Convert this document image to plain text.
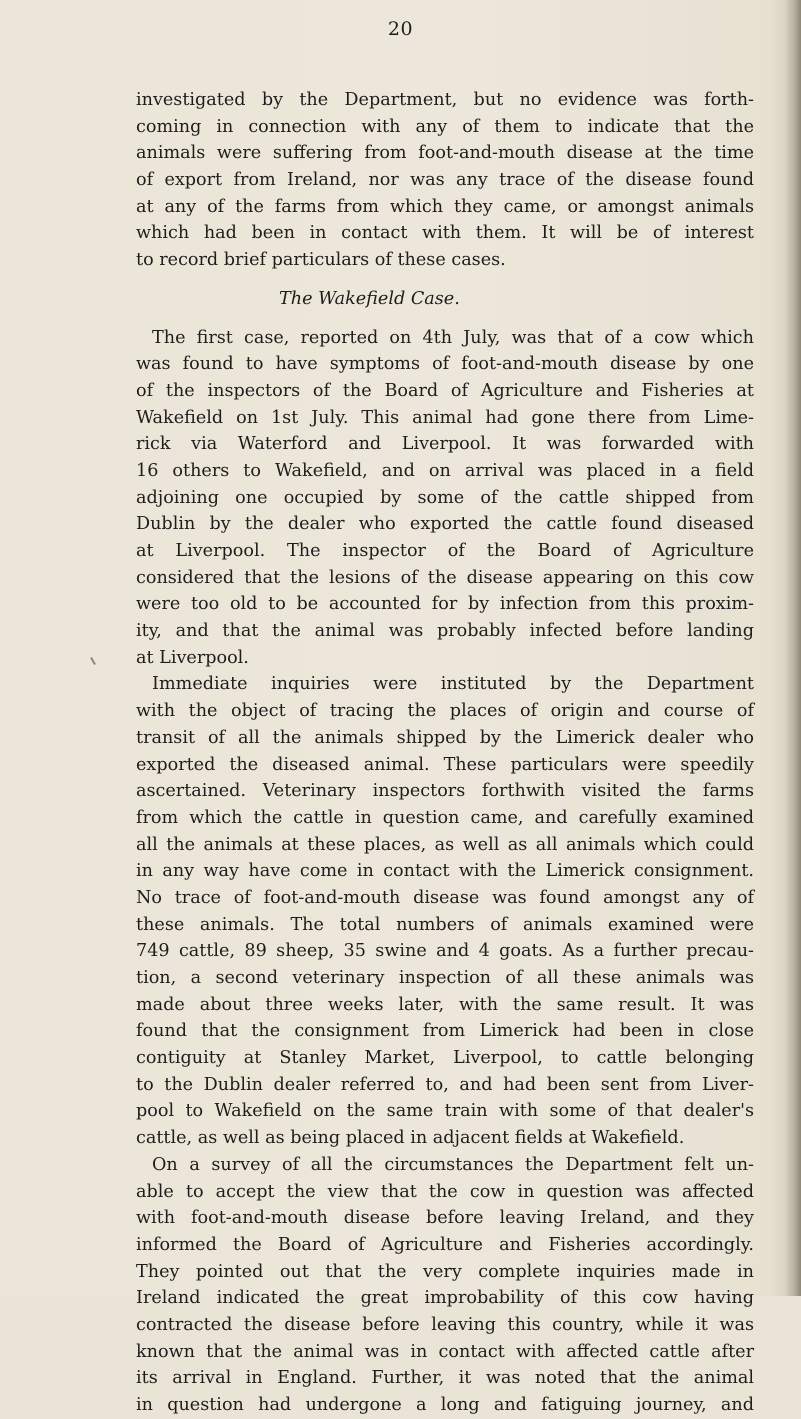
20
investigated by the Department, but no evidence was forth-
coming in connection with any of them to indicate that the
animals were suffering from foot-and-mouth disease at the time
of export from Ireland, nor was any trace of the disease found
at any of the farms from which they came, or amongst animals
which had been in contact with them. It will be of interest
to record brief particulars of these cases.
The Wakefield Case.
The first case, reported on 4th July, was that of a cow which
was found to have symptoms of foot-and-mouth disease by one
of the inspectors of the Board of Agriculture and Fisheries at
Wakefield on 1st July. This animal had gone there from Lime-
rick via Waterford and Liverpool. It was forwarded with
16 others to Wakefield, and on arrival was placed in a field
adjoining one occupied by some of the cattle shipped from
Dublin by the dealer who exported the cattle found diseased
at Liverpool. The inspector of the Board of Agriculture
considered that the lesions of the disease appearing on this cow
were too old to be accounted for by infection from this proxim-
ity, and that the animal was probably infected before landing
at Liverpool.
Immediate inquiries were instituted by the Department
with the object of tracing the places of origin and course of
transit of all the animals shipped by the Limerick dealer who
exported the diseased animal. These particulars were speedily
ascertained. Veterinary inspectors forthwith visited the farms
from which the cattle in question came, and carefully examined
all the animals at these places, as well as all animals which could
in any way have come in contact with the Limerick consignment.
No trace of foot-and-mouth disease was found amongst any of
these animals. The total numbers of animals examined were
749 cattle, 89 sheep, 35 swine and 4 goats. As a further precau-
tion, a second veterinary inspection of all these animals was
made about three weeks later, with the same result. It was
found that the consignment from Limerick had been in close
contiguity at Stanley Market, Liverpool, to cattle belonging
to the Dublin dealer referred to, and had been sent from Liver-
pool to Wakefield on the same train with some of that dealer's
cattle, as well as being placed in adjacent fields at Wakefield.
On a survey of all the circumstances the Department felt un-
able to accept the view that the cow in question was affected
with foot-and-mouth disease before leaving Ireland, and they
informed the Board of Agriculture and Fisheries accordingly.
They pointed out that the very complete inquiries made in
Ireland indicated the great improbability of this cow having
contracted the disease before leaving this country, while it was
known that the animal was in contact with affected cattle after
its arrival in England. Further, it was noted that the animal
in question had undergone a long and fatiguing journey, and
